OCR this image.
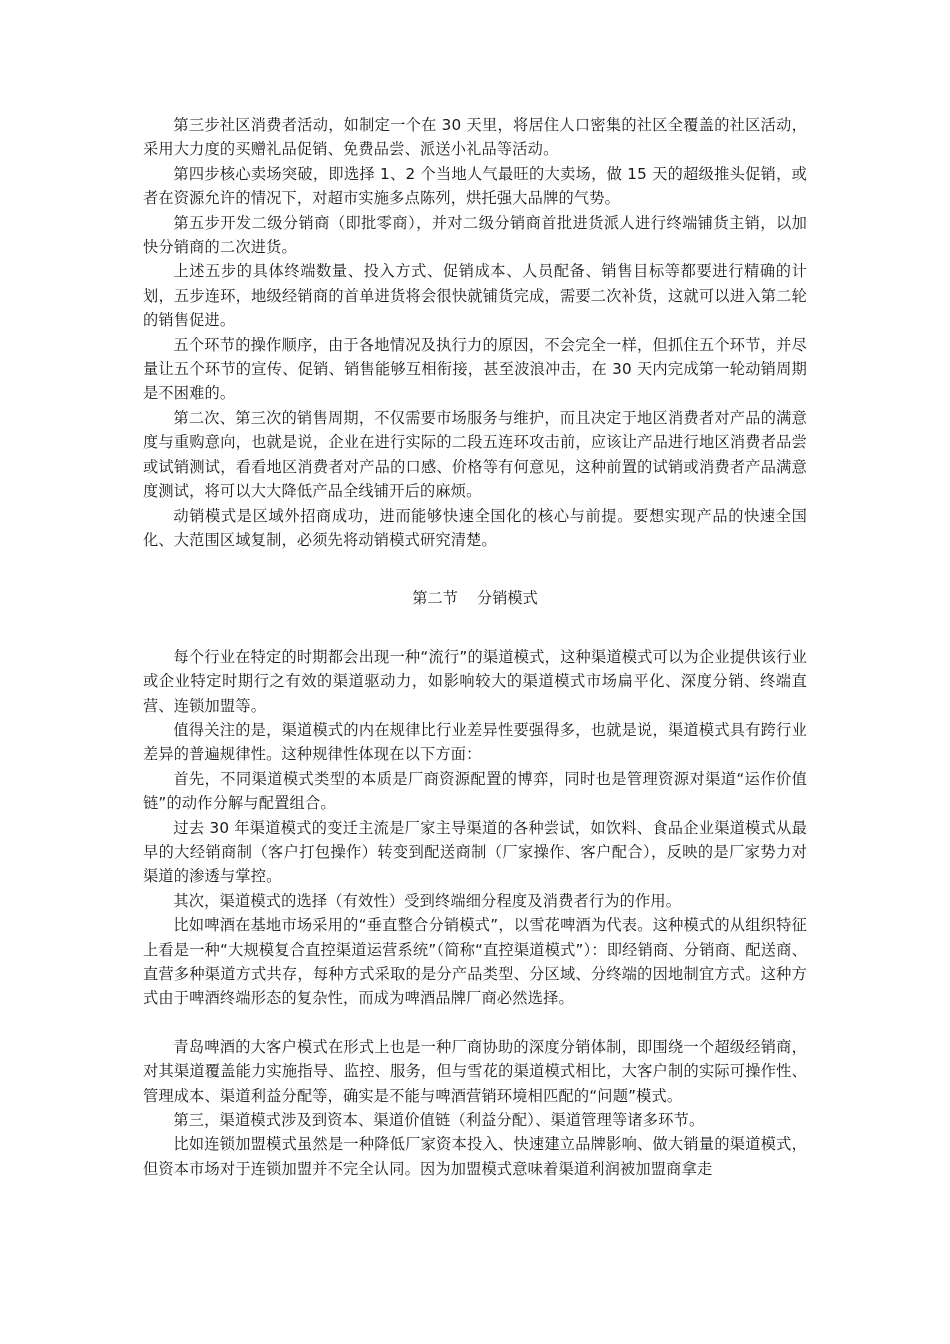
第三步社区消费者活动，如制定一个在 30 天里，将居住人口密集的社区全覆盖的社区活动，采用大力度的买赠礼品促销、免费品尝、派送小礼品等活动。

第四步核心卖场突破，即选择 1、2 个当地人气最旺的大卖场，做 15 天的超级推头促销，或者在资源允许的情况下，对超市实施多点陈列，烘托强大品牌的气势。

第五步开发二级分销商（即批零商），并对二级分销商首批进货派人进行终端铺货主销，以加快分销商的二次进货。

上述五步的具体终端数量、投入方式、促销成本、人员配备、销售目标等都要进行精确的计划，五步连环，地级经销商的首单进货将会很快就铺货完成，需要二次补货，这就可以进入第二轮的销售促进。

五个环节的操作顺序，由于各地情况及执行力的原因，不会完全一样，但抓住五个环节，并尽量让五个环节的宣传、促销、销售能够互相衔接，甚至波浪冲击，在 30 天内完成第一轮动销周期是不困难的。

第二次、第三次的销售周期，不仅需要市场服务与维护，而且决定于地区消费者对产品的满意度与重购意向，也就是说，企业在进行实际的二段五连环攻击前，应该让产品进行地区消费者品尝或试销测试，看看地区消费者对产品的口感、价格等有何意见，这种前置的试销或消费者产品满意度测试，将可以大大降低产品全线铺开后的麻烦。

动销模式是区域外招商成功，进而能够快速全国化的核心与前提。要想实现产品的快速全国化、大范围区域复制，必须先将动销模式研究清楚。

第二节    分销模式

每个行业在特定的时期都会出现一种“流行”的渠道模式，这种渠道模式可以为企业提供该行业或企业特定时期行之有效的渠道驱动力，如影响较大的渠道模式市场扁平化、深度分销、终端直营、连锁加盟等。

值得关注的是，渠道模式的内在规律比行业差异性要强得多，也就是说，渠道模式具有跨行业差异的普遍规律性。这种规律性体现在以下方面：

首先，不同渠道模式类型的本质是厂商资源配置的博弈，同时也是管理资源对渠道“运作价值链”的动作分解与配置组合。

过去 30 年渠道模式的变迁主流是厂家主导渠道的各种尝试，如饮料、食品企业渠道模式从最早的大经销商制（客户打包操作）转变到配送商制（厂家操作、客户配合），反映的是厂家势力对渠道的渗透与掌控。

其次，渠道模式的选择（有效性）受到终端细分程度及消费者行为的作用。

比如啤酒在基地市场采用的“垂直整合分销模式”，以雪花啤酒为代表。这种模式的从组织特征上看是一种“大规模复合直控渠道运营系统”（简称“直控渠道模式”）：即经销商、分销商、配送商、直营多种渠道方式共存，每种方式采取的是分产品类型、分区域、分终端的因地制宜方式。这种方式由于啤酒终端形态的复杂性，而成为啤酒品牌厂商必然选择。

青岛啤酒的大客户模式在形式上也是一种厂商协助的深度分销体制，即围绕一个超级经销商，对其渠道覆盖能力实施指导、监控、服务，但与雪花的渠道模式相比，大客户制的实际可操作性、管理成本、渠道利益分配等，确实是不能与啤酒营销环境相匹配的“问题”模式。

第三，渠道模式涉及到资本、渠道价值链（利益分配）、渠道管理等诸多环节。

比如连锁加盟模式虽然是一种降低厂家资本投入、快速建立品牌影响、做大销量的渠道模式，但资本市场对于连锁加盟并不完全认同。因为加盟模式意味着渠道利润被加盟商拿走
